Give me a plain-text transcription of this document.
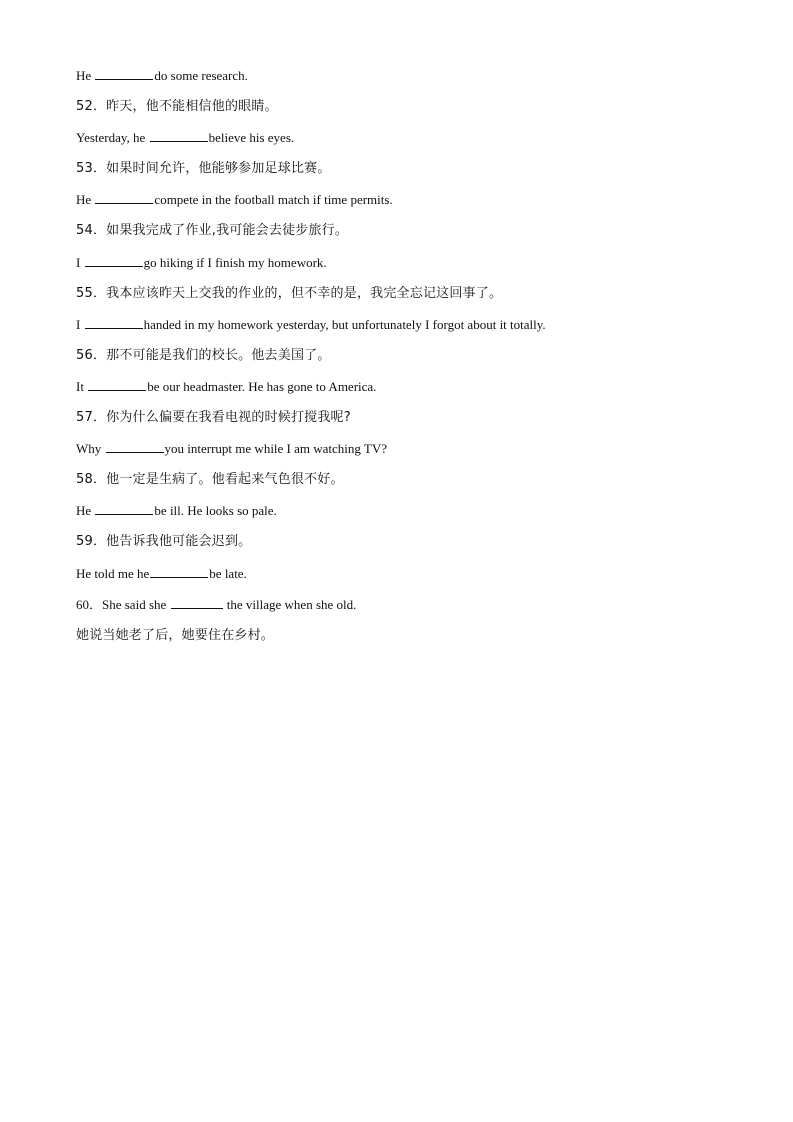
He	do some research.
52．昨天，他不能相信他的眼睛。
Yesterday, he	believe his eyes.
53．如果时间允许，他能够参加足球比赛。
He	compete in the football match if time permits.
54．如果我完成了作业,我可能会去徒步旅行。
I	go hiking if I finish my homework.
55．我本应该昨天上交我的作业的，但不幸的是，我完全忘记这回事了。
I	handed in my homework yesterday, but unfortunately I forgot about it totally.
56．那不可能是我们的校长。他去美国了。
It	be our headmaster. He has gone to America.
57．你为什么偏要在我看电视的时候打搅我呢?
Why	you interrupt me while I am watching TV?
58．他一定是生病了。他看起来气色很不好。
He	be ill. He looks so pale.
59．他告诉我他可能会迟到。
He told me he	be late.
60．She said she	the village when she old.
她说当她老了后，她要住在乡村。
